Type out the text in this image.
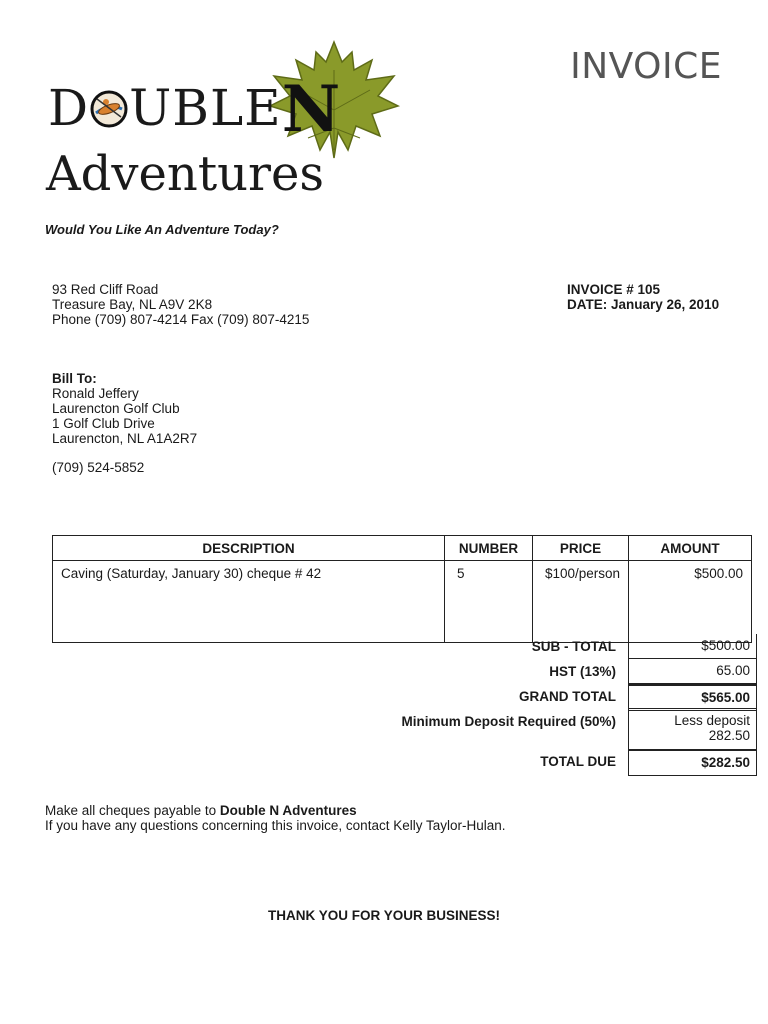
D UBLEN
Adventures
INVOICE
Would You Like An Adventure Today?
93 Red Cliff Road
Treasure Bay, NL A9V 2K8
Phone (709) 807-4214 Fax (709) 807-4215
INVOICE # 105
DATE: January 26, 2010
Bill To:
Ronald Jeffery
Laurencton Golf Club
1 Golf Club Drive
Laurencton, NL A1A2R7
(709) 524-5852
DESCRIPTION	NUMBER	PRICE	AMOUNT
Caving (Saturday, January 30) cheque # 42	5	$100/person	$500.00
SUB - TOTAL	$500.00
HST (13%)	65.00
GRAND TOTAL	$565.00
Minimum Deposit Required (50%)	Less deposit
282.50
TOTAL DUE	$282.50
Make all cheques payable to Double N Adventures
If you have any questions concerning this invoice, contact Kelly Taylor-Hulan.
THANK YOU FOR YOUR BUSINESS!
